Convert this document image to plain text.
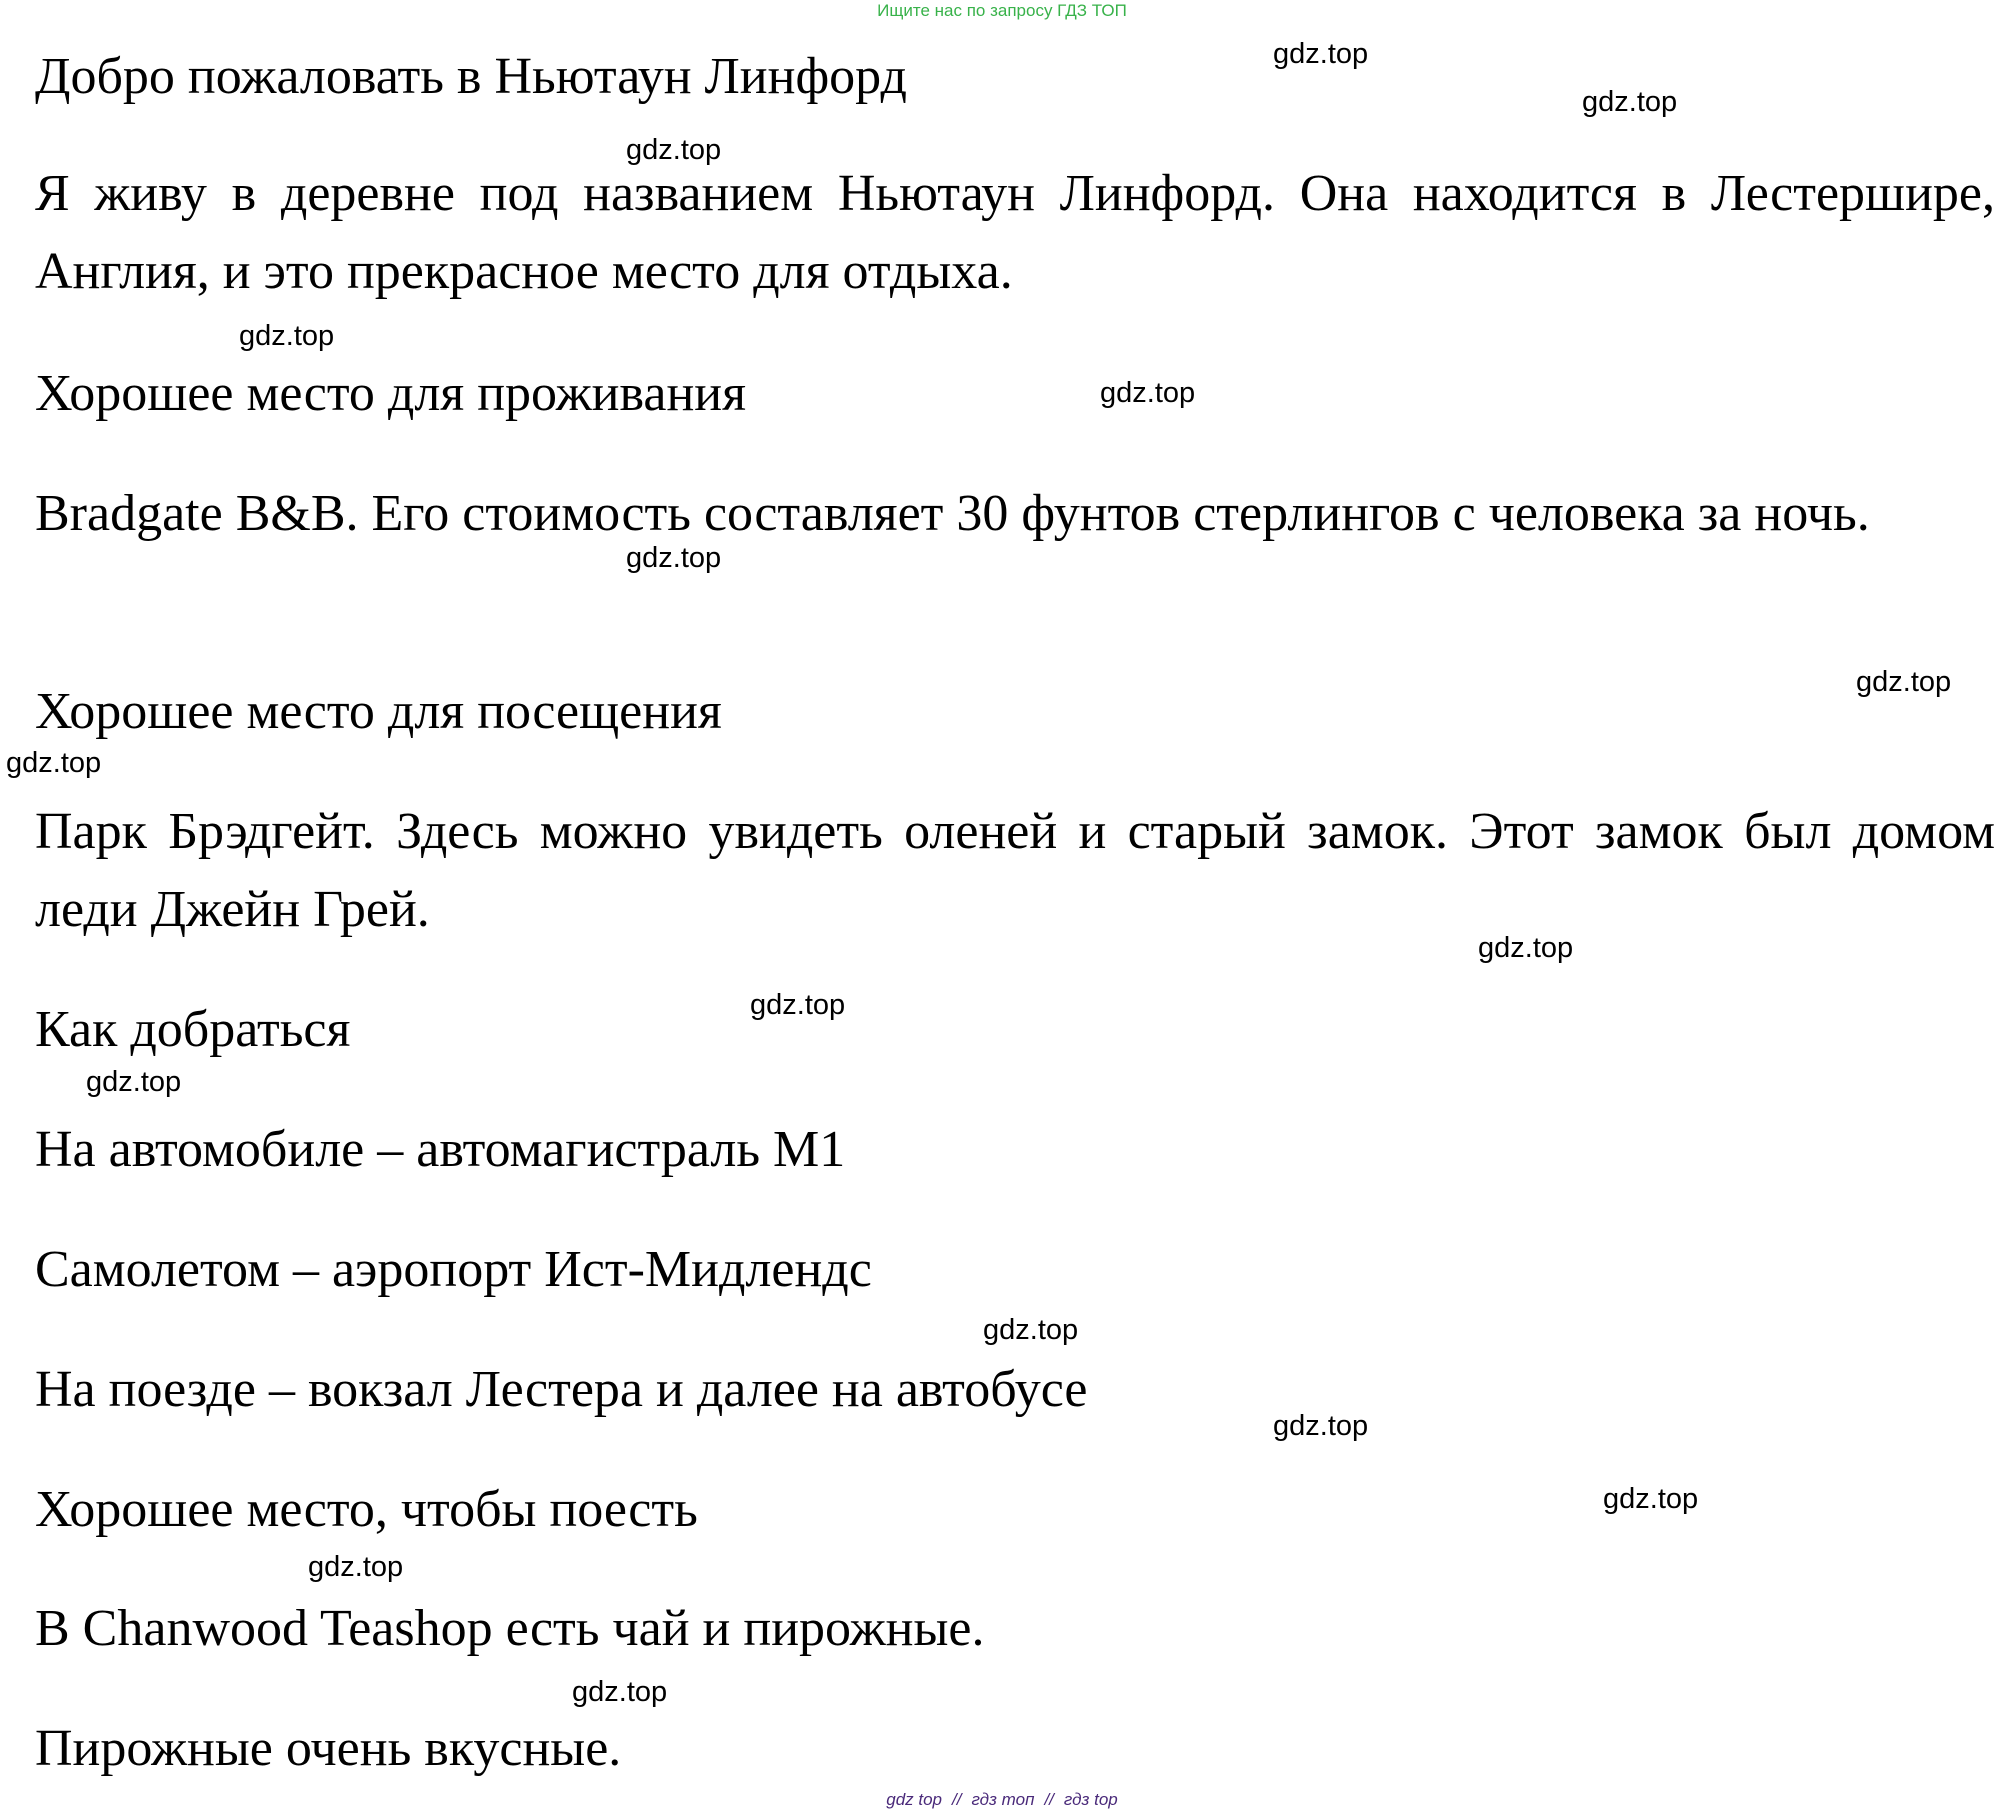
Ищите нас по запросу ГДЗ ТОП
Добро пожаловать в Ньютаун Линфорд
Я живу в деревне под названием Ньютаун Линфорд. Она находится в Лестершире, Англия, и это прекрасное место для отдыха.
Хорошее место для проживания
Bradgate B&B. Его стоимость составляет 30 фунтов стерлингов с человека за ночь.
Хорошее место для посещения
Парк Брэдгейт. Здесь можно увидеть оленей и старый замок. Этот замок был домом леди Джейн Грей.
Как добраться
На автомобиле – автомагистраль M1
Самолетом – аэропорт Ист-Мидлендс
На поезде – вокзал Лестера и далее на автобусе
Хорошее место, чтобы поесть
В Chanwood Teashop есть чай и пирожные.
Пирожные очень вкусные.
gdz.top
gdz.top
gdz.top
gdz.top
gdz.top
gdz.top
gdz.top
gdz.top
gdz.top
gdz.top
gdz.top
gdz.top
gdz.top
gdz.top
gdz.top
gdz.top
gdz top // гдз топ // гдз top
